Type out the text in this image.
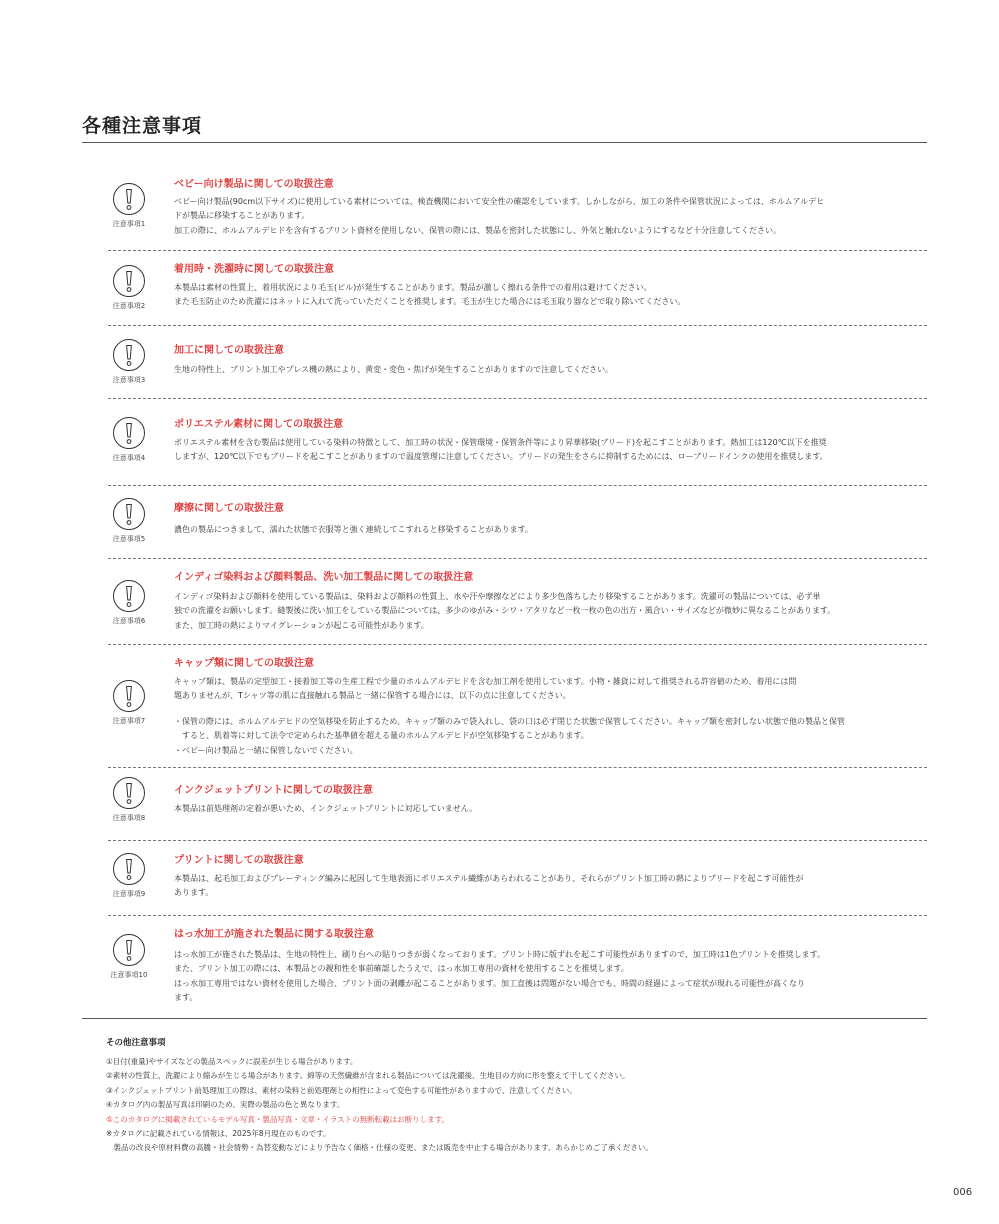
各種注意事項
注意事項1
ベビー向け製品に関しての取扱注意

ベビー向け製品(90cm以下サイズ)に使用している素材については、検査機関において安全性の確認をしています。しかしながら、加工の条件や保管状況によっては、ホルムアルデヒ

ドが製品に移染することがあります。

加工の際に、ホルムアルデヒドを含有するプリント資材を使用しない、保管の際には、製品を密封した状態にし、外気と触れないようにするなど十分注意してください。

注意事項2
着用時・洗濯時に関しての取扱注意

本製品は素材の性質上、着用状況により毛玉(ピル)が発生することがあります。製品が激しく擦れる条件での着用は避けてください。

また毛玉防止のため洗濯にはネットに入れて洗っていただくことを推奨します。毛玉が生じた場合には毛玉取り器などで取り除いてください。

注意事項3
加工に関しての取扱注意

生地の特性上、プリント加工やプレス機の熱により、黄変・変色・焦げが発生することがありますので注意してください。

注意事項4
ポリエステル素材に関しての取扱注意

ポリエステル素材を含む製品は使用している染料の特徴として、加工時の状況・保管環境・保管条件等により昇華移染(ブリード)を起こすことがあります。熱加工は120℃以下を推奨

しますが、120℃以下でもブリードを起こすことがありますので温度管理に注意してください。ブリードの発生をさらに抑制するためには、ローブリードインクの使用を推奨します。

注意事項5
摩擦に関しての取扱注意

濃色の製品につきまして、濡れた状態で衣服等と強く連続してこすれると移染することがあります。

注意事項6
インディゴ染料および顔料製品、洗い加工製品に関しての取扱注意

インディゴ染料および顔料を使用している製品は、染料および顔料の性質上、水や汗や摩擦などにより多少色落ちしたり移染することがあります。洗濯可の製品については、必ず単

独での洗濯をお願いします。縫製後に洗い加工をしている製品については、多少のゆがみ・シワ・アタリなど一枚一枚の色の出方・風合い・サイズなどが微妙に異なることがあります。

また、加工時の熱によりマイグレーションが起こる可能性があります。

注意事項7
キャップ類に関しての取扱注意

キャップ類は、製品の定型加工・接着加工等の生産工程で少量のホルムアルデヒドを含む加工剤を使用しています。小物・雑貨に対して推奨される許容値のため、着用には問

題ありませんが、Tシャツ等の肌に直接触れる製品と一緒に保管する場合には、以下の点に注意してください。

・保管の際には、ホルムアルデヒドの空気移染を防止するため、キャップ類のみで袋入れし、袋の口は必ず閉じた状態で保管してください。キャップ類を密封しない状態で他の製品と保管

　すると、肌着等に対して法令で定められた基準値を超える量のホルムアルデヒドが空気移染することがあります。

・ベビー向け製品と一緒に保管しないでください。

注意事項8
インクジェットプリントに関しての取扱注意

本製品は前処理剤の定着が悪いため、インクジェットプリントに対応していません。

注意事項9
プリントに関しての取扱注意

本製品は、起毛加工およびプレーティング編みに起因して生地表面にポリエステル繊維があらわれることがあり、それらがプリント加工時の熱によりブリードを起こす可能性が

あります。

注意事項10
はっ水加工が施された製品に関する取扱注意

はっ水加工が施された製品は、生地の特性上、刷り台への貼りつきが弱くなっております。プリント時に版ずれを起こす可能性がありますので、加工時は1色プリントを推奨します。

また、プリント加工の際には、本製品との親和性を事前確認したうえで、はっ水加工専用の資材を使用することを推奨します。

はっ水加工専用ではない資材を使用した場合、プリント面の剥離が起こることがあります。加工直後は問題がない場合でも、時間の経過によって症状が現れる可能性が高くなり

ます。

その他注意事項

①目付(重量)やサイズなどの製品スペックに誤差が生じる場合があります。

②素材の性質上、洗濯により縮みが生じる場合があります。綿等の天然繊維が含まれる製品については洗濯後、生地目の方向に形を整えて干してください。

③インクジェットプリント前処理加工の際は、素材の染料と前処理剤との相性によって変色する可能性がありますので、注意してください。

④カタログ内の製品写真は印刷のため、実際の製品の色と異なります。

⑤このカタログに掲載されているモデル写真・製品写真・文章・イラストの無断転載はお断りします。

※カタログに記載されている情報は、2025年8月現在のものです。

　製品の改良や原材料費の高騰・社会情勢・為替変動などにより予告なく価格・仕様の変更、または販売を中止する場合があります。あらかじめご了承ください。

006
